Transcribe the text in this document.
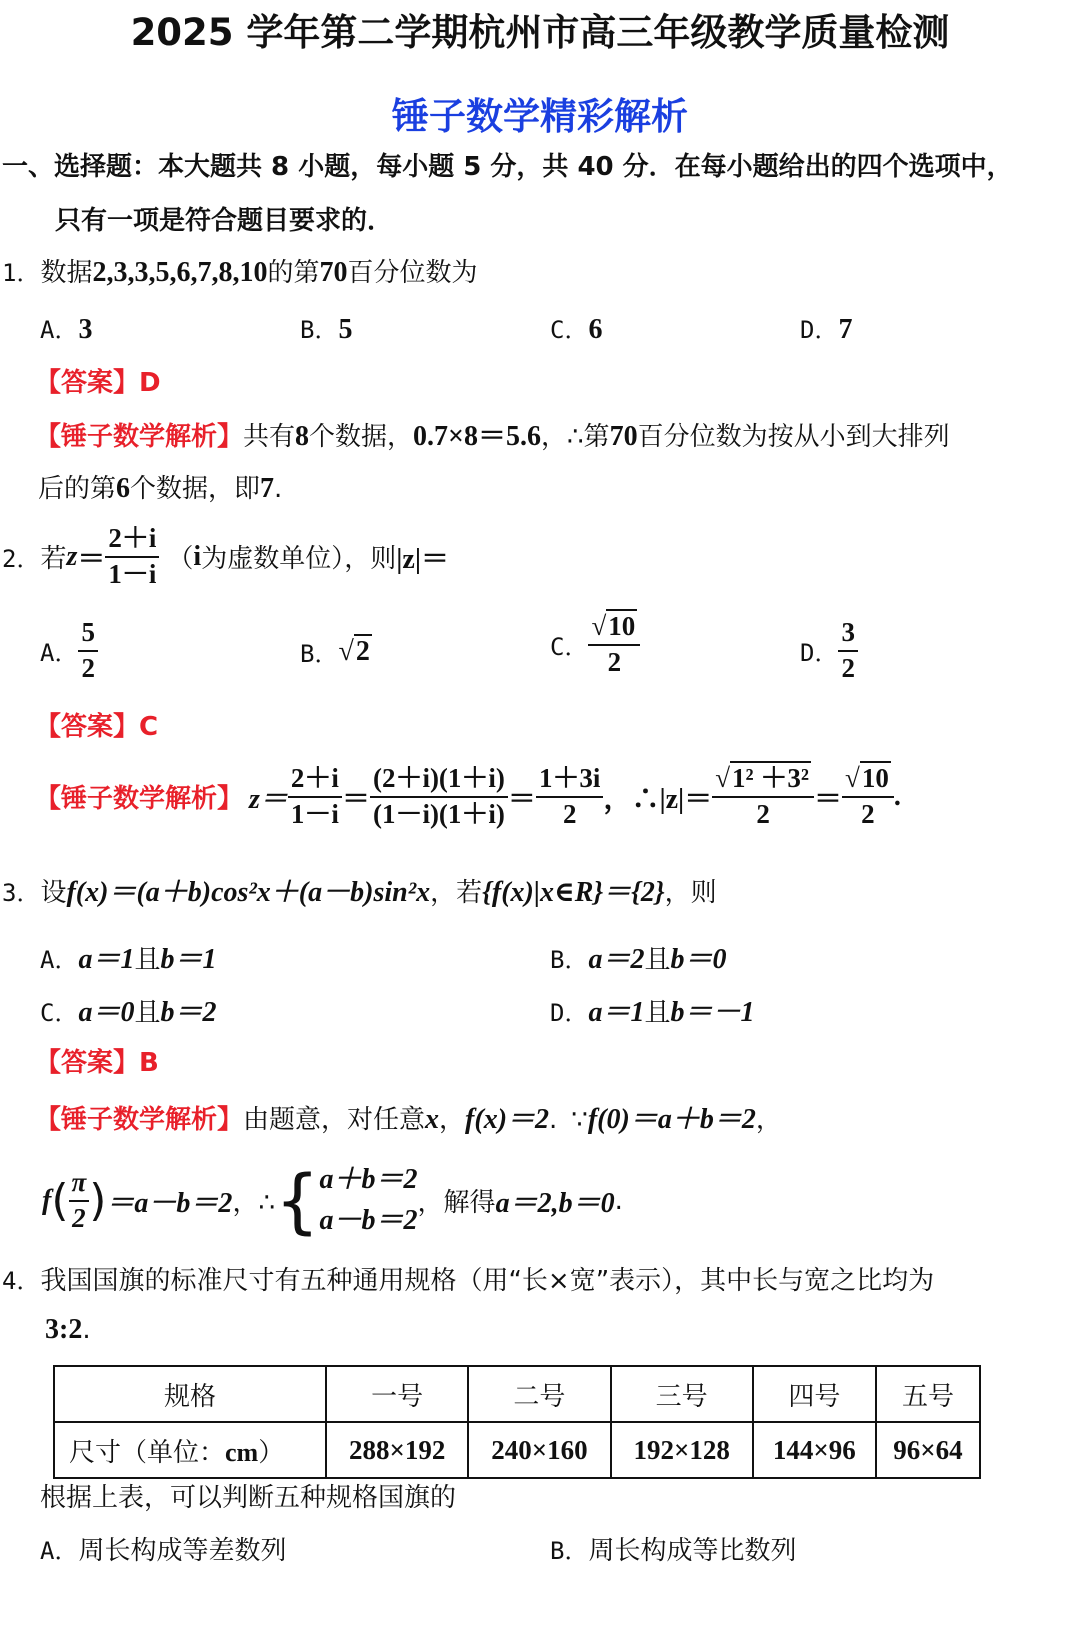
2025 学年第二学期杭州市高三年级教学质量检测
锤子数学精彩解析
一、选择题：本大题共 8 小题，每小题 5 分，共 40 分．在每小题给出的四个选项中，
只有一项是符合题目要求的．
1．数据2,3,3,5,6,7,8,10的第70百分位数为
A．3	B．5	C．6	D．7
【答案】D
【锤子数学解析】共有8个数据，0.7×8＝5.6，∴第70百分位数为按从小到大排列
后的第6个数据，即7.
2． 若 $z = \frac{2+i}{1-i}$ （ i 为虚数单位），则 |z|＝
A． $\frac{5}{2}$	B． √2	C． $\frac{√10}{2}$	D． $\frac{3}{2}$
【答案】C
【锤子数学解析】 $z= \frac{2+i}{1-i} = \frac{(2+i)(1+i)}{(1-i)(1+i)} = \frac{1+3i}{2}$ ，∴|z|＝ $\frac{\text{√1² ＋3²}}{2} = \frac{√10}{2}$ .
3．设f(x)＝(a＋b)cos²x＋(a－b)sin²x，若{f(x)|x∈R}＝{2}，则
A．a＝1且b＝1	B．a＝2且b＝0
C．a＝0且b＝2	D．a＝1且b＝－1
【答案】B
【锤子数学解析】由题意，对任意x，f(x)＝2. ∵f(0)＝a＋b＝2，
f ( $\frac{\pi}{2}$ ) ＝a－b＝2 ，∴ { a＋b＝2
a－b＝2
，解得 a＝2,b＝0 .
4．我国国旗的标准尺寸有五种通用规格（用“长×宽”表示），其中长与宽之比均为
3:2.
规格	一号	二号	三号	四号	五号
尺寸（单位：cm）	288×192	240×160	192×128	144×96	96×64
根据上表，可以判断五种规格国旗的
A．周长构成等差数列	B．周长构成等比数列
